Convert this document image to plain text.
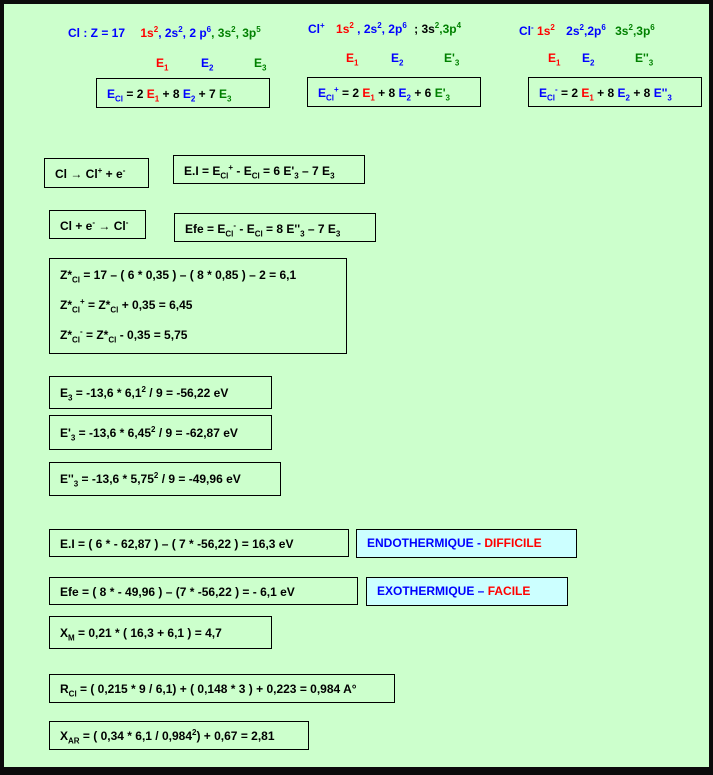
Cl : Z = 17 $1s^2$, $2s^2$, 2 $p^6$, $3s^2$, $3p^5$	Cl+ $1s^2$ , $2s^2$, $2p^6$ ; $3s^2,3p^4$	Cl- $1s^2$ $2s^2,2p^6$ $3s^2,3p^6$
$E_1$	$E_2$	$E_3$
$E_1$	$E_2$	$E'_3$	$E_1$ $E_2$	$E''_3$
$E_{Cl} = 2$ $E_1 + 8$ $E_2 + 7$ $E_3$	$E_{Cl}^+ = 2$ $E_1 + 8$ $E_2 + 6$ $E'_3$	$E_{Cl}^- = 2$ $E_1 + 8$ $E_2 + 8$ $E''_3$
Cl → Cl+ + e-	$E.I = E_{Cl}^+ - E_{Cl} = 6$ $E'_3 - 7$ $E_3$
Cl + e- → Cl-	Efe = $E_{Cl}^- - E_{Cl} = 8$ $E''_3 - 7$ $E_3$
$Z*_{Cl} = 17$ – ( 6 * 0,35 ) – ( 8 * 0,85 ) – 2 = 6,1
$Z*_{Cl}^+ = Z*_{Cl} + 0,35 = 6,45$
$Z*_{Cl}^- = Z*_{Cl} - 0,35 = 5,75$
$E_3 = -13,6 * 6,1^2 / 9 = -56,22$ eV
$E'_3 = -13,6 * 6,45^2 / 9 = -62,87$ eV
$E''_3 = -13,6 * 5,75^2 / 9 = -49,96$ eV
E.I = ( 6 * - 62,87 ) – ( 7 * -56,22 ) = 16,3 eV	ENDOTHERMIQUE - DIFFICILE
Efe = ( 8 * - 49,96 ) – (7 * -56,22 ) = - 6,1 eV	EXOTHERMIQUE – FACILE
$X_M = 0,21$ * ( 16,3 + 6,1 ) = 4,7
$R_{Cl}$ = ( 0,215 * 9 / 6,1) + ( 0,148 * 3 ) + 0,223 = 0,984 A°
$X_{AR}$ = ( $0,34 * 6,1 / 0,984^2) + 0,67 = 2,81$
